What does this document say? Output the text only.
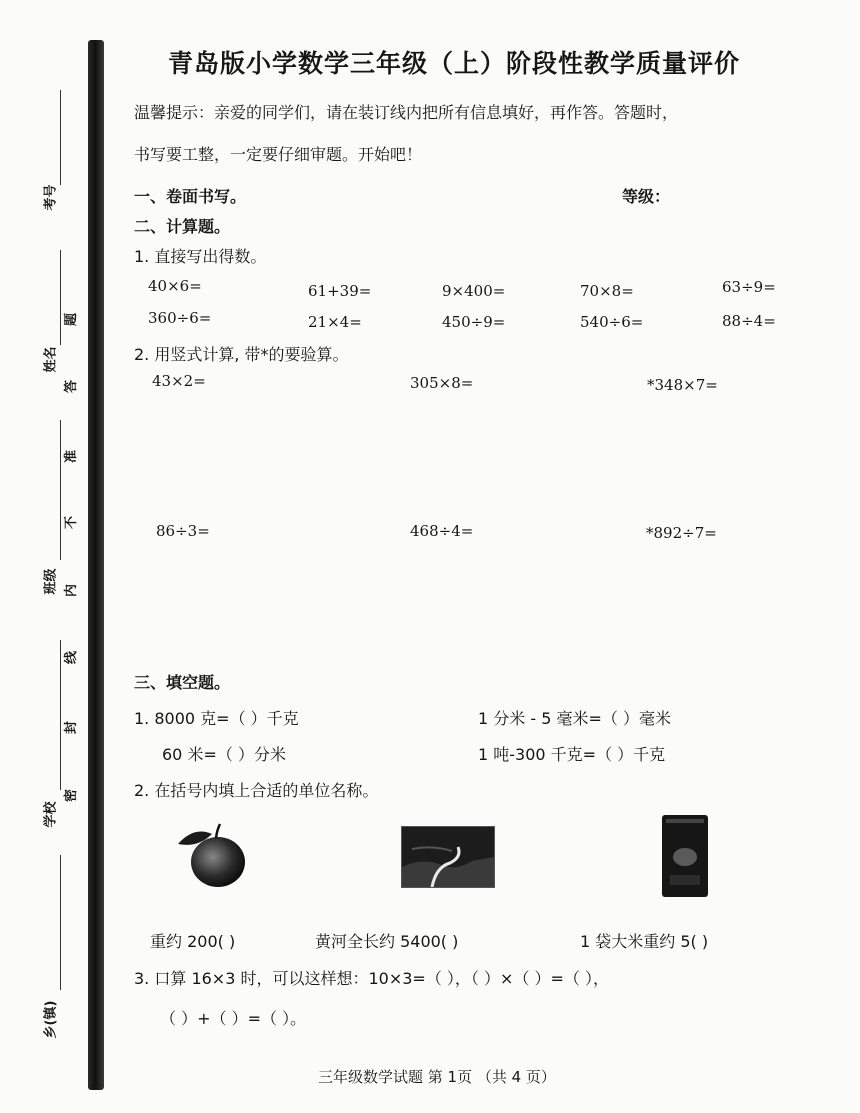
考号
姓名
班级
学校
乡(镇)
题
答
准
不
内
线
封
密
青岛版小学数学三年级（上）阶段性教学质量评价
温馨提示：亲爱的同学们，请在装订线内把所有信息填好，再作答。答题时，
书写要工整，一定要仔细审题。开始吧！
一、卷面书写。	等级：
二、计算题。
1. 直接写出得数。
40×6=	61+39=	9×400=	70×8=	63÷9=
360÷6=	21×4=	450÷9=	540÷6=	88÷4=
2. 用竖式计算, 带*的要验算。
43×2=	305×8=	*348×7=
86÷3=	468÷4=	*892÷7=
三、填空题。
1. 8000 克=（ ）千克	1 分米 - 5 毫米=（ ）毫米
60 米=（ ）分米	1 吨-300 千克=（ ）千克
2. 在括号内填上合适的单位名称。
重约 200( )	黄河全长约 5400( )	1 袋大米重约 5( )
3. 口算 16×3 时，可以这样想：10×3=（ ），（ ）×（ ）=（ ），
（ ）+（ ）=（ ）。
三年级数学试题 第 1页 （共 4 页）
